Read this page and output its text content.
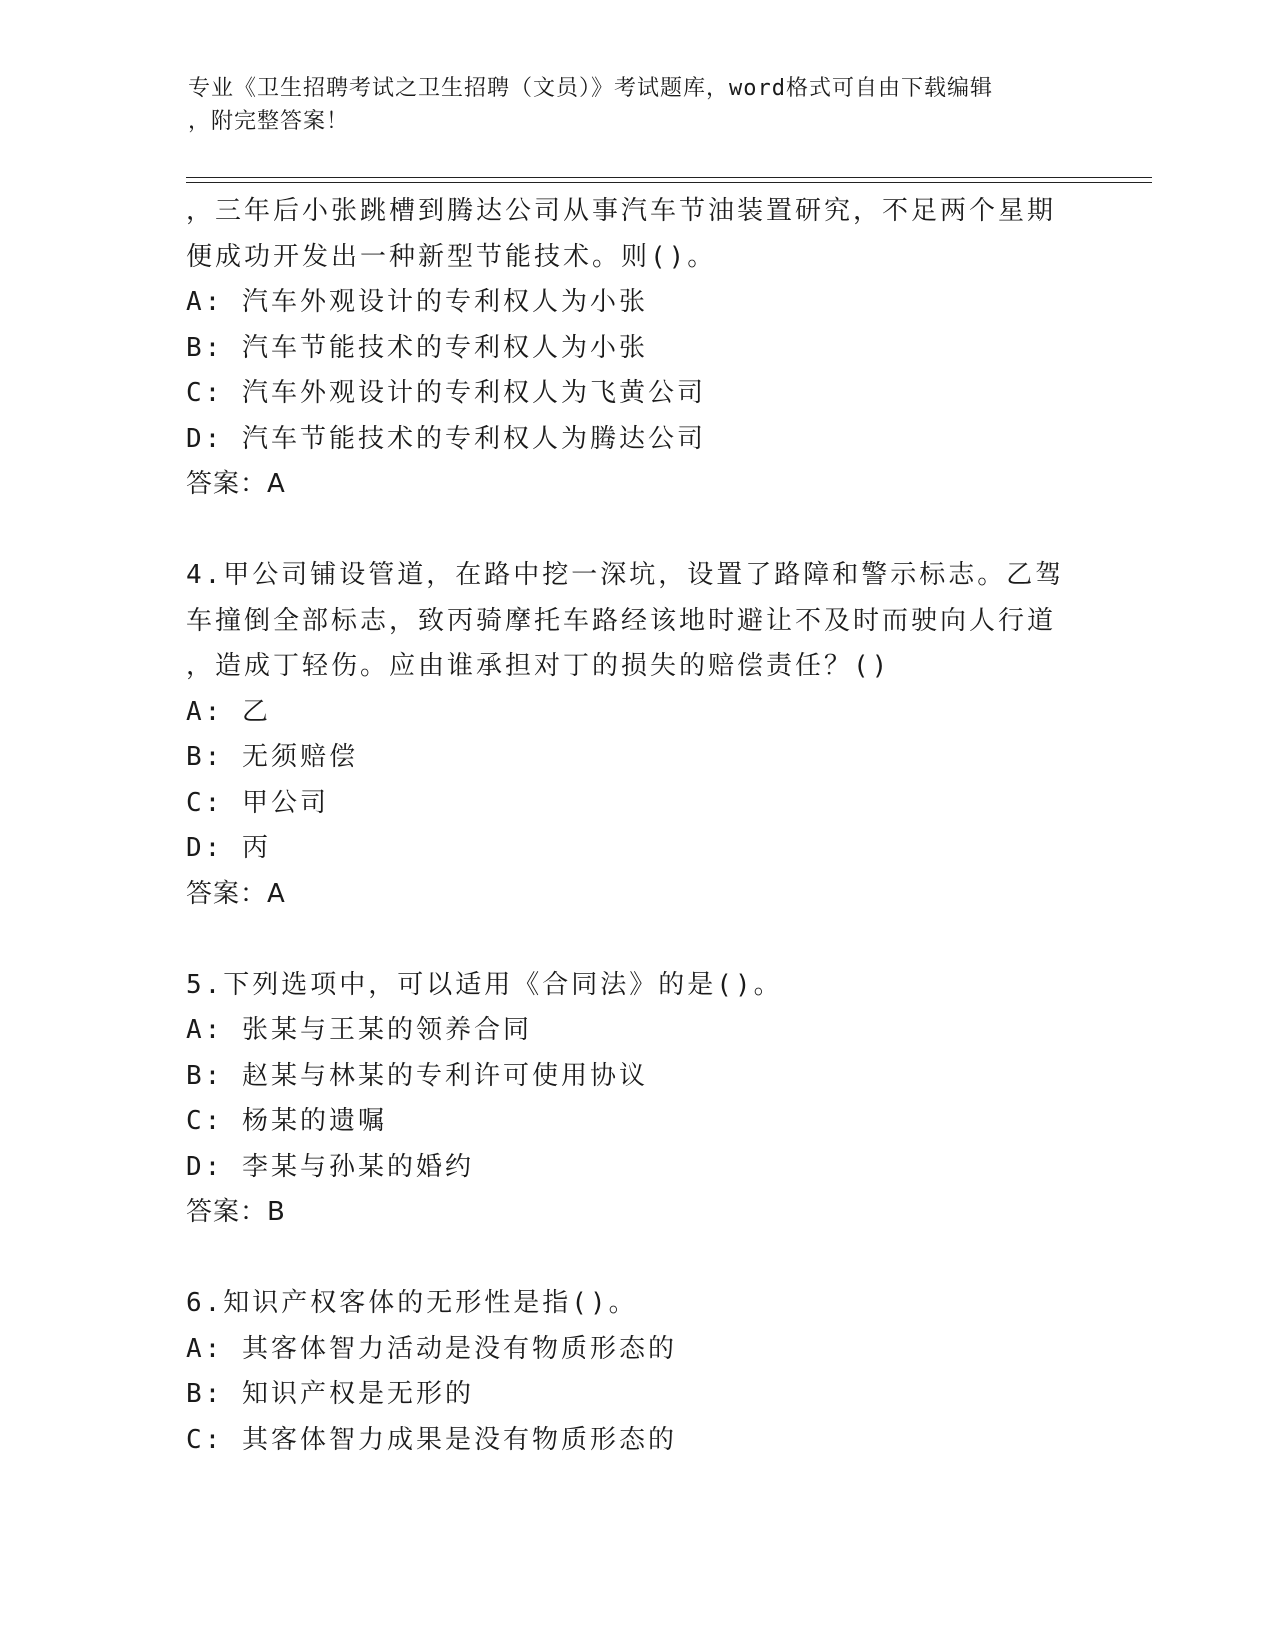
专业《卫生招聘考试之卫生招聘（文员）》考试题库，word格式可自由下载编辑
，附完整答案！
，三年后小张跳槽到腾达公司从事汽车节油装置研究，不足两个星期
便成功开发出一种新型节能技术。则()。
A: 汽车外观设计的专利权人为小张
B: 汽车节能技术的专利权人为小张
C: 汽车外观设计的专利权人为飞黄公司
D: 汽车节能技术的专利权人为腾达公司
答案：A
4.甲公司铺设管道，在路中挖一深坑，设置了路障和警示标志。乙驾
车撞倒全部标志，致丙骑摩托车路经该地时避让不及时而驶向人行道
，造成丁轻伤。应由谁承担对丁的损失的赔偿责任？()
A: 乙
B: 无须赔偿
C: 甲公司
D: 丙
答案：A
5.下列选项中，可以适用《合同法》的是()。
A: 张某与王某的领养合同
B: 赵某与林某的专利许可使用协议
C: 杨某的遗嘱
D: 李某与孙某的婚约
答案：B
6.知识产权客体的无形性是指()。
A: 其客体智力活动是没有物质形态的
B: 知识产权是无形的
C: 其客体智力成果是没有物质形态的
